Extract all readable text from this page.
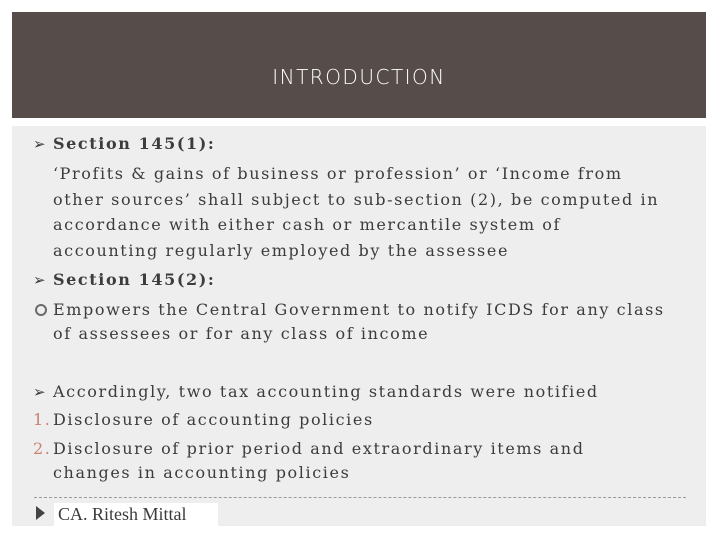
INTRODUCTION
➢ Section 145(1):
‘Profits & gains of business or profession’ or ‘Income from
other sources’ shall subject to sub-section (2), be computed in
accordance with either cash or mercantile system of
accounting regularly employed by the assessee
➢ Section 145(2):
Empowers the Central Government to notify ICDS for any class
of assessees or for any class of income
➢ Accordingly, two tax accounting standards were notified
1. Disclosure of accounting policies
2. Disclosure of prior period and extraordinary items and
changes in accounting policies
CA. Ritesh Mittal
